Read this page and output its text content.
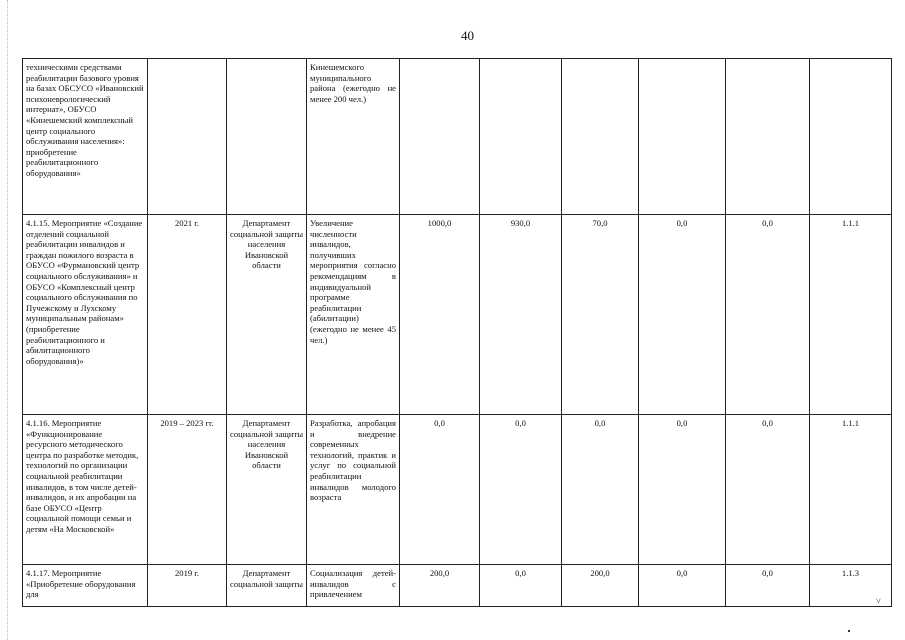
40
техническими средствами реабилитации базового уровня на базах ОБСУСО «Ивановский психоневрологический интернат», ОБУСО «Кинешемский комплексный центр социального обслуживания населения»: приобретение реабилитационного оборудования»			Кинешемского муниципального района (ежегодно не менее 200 чел.)						
4.1.15. Мероприятие «Создание отделений социальной реабилитации инвалидов и граждан пожилого возраста в ОБУСО «Фурмановский центр социального обслуживания» и ОБУСО «Комплексный центр социального обслуживания по Пучежскому и Лухскому муниципальным районам» (приобретение реабилитационного и абилитационного оборудования)»	2021 г.	Департамент социальной защиты населения Ивановской области	Увеличение численности инвалидов, получивших мероприятия согласно рекомендациям в индивидуальной программе реабилитации (абилитации) (ежегодно не менее 45 чел.)	1000,0	930,0	70,0	0,0	0,0	1.1.1
4.1.16. Мероприятие «Функционирование ресурсного методического центра по разработке методик, технологий по организации социальной реабилитации инвалидов, в том числе детей-инвалидов, и их апробации на базе ОБУСО «Центр социальной помощи семьи и детям «На Московской»	2019 – 2023 гг.	Департамент социальной защиты населения Ивановской области	Разработка, апробация и внедрение современных технологий, практик и услуг по социальной реабилитации инвалидов молодого возраста	0,0	0,0	0,0	0,0	0,0	1.1.1
4.1.17. Мероприятие «Приобретение оборудования для	2019 г.	Департамент социальной защиты	Социализация детей-инвалидов с привлечением	200,0	0,0	200,0	0,0	0,0	1.1.3
˅
